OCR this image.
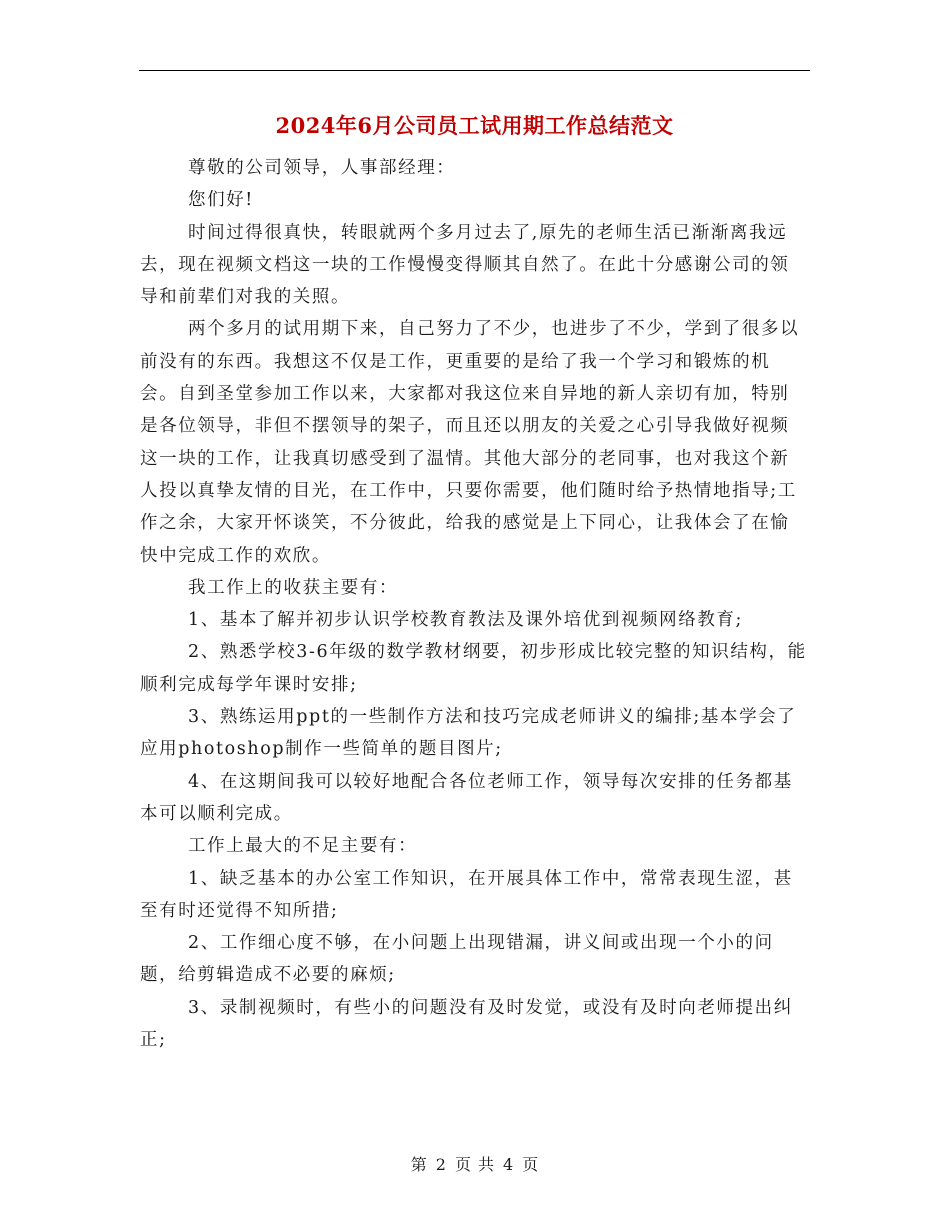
2024年6月公司员工试用期工作总结范文

尊敬的公司领导，人事部经理：

您们好!

时间过得很真快，转眼就两个多月过去了,原先的老师生活已渐渐离我远去，现在视频文档这一块的工作慢慢变得顺其自然了。在此十分感谢公司的领导和前辈们对我的关照。

两个多月的试用期下来，自己努力了不少，也进步了不少，学到了很多以前没有的东西。我想这不仅是工作，更重要的是给了我一个学习和锻炼的机会。自到圣堂参加工作以来，大家都对我这位来自异地的新人亲切有加，特别是各位领导，非但不摆领导的架子，而且还以朋友的关爱之心引导我做好视频这一块的工作，让我真切感受到了温情。其他大部分的老同事，也对我这个新人投以真挚友情的目光，在工作中，只要你需要，他们随时给予热情地指导;工作之余，大家开怀谈笑，不分彼此，给我的感觉是上下同心，让我体会了在愉快中完成工作的欢欣。

我工作上的收获主要有：

1、基本了解并初步认识学校教育教法及课外培优到视频网络教育;

2、熟悉学校3-6年级的数学教材纲要，初步形成比较完整的知识结构，能顺利完成每学年课时安排;

3、熟练运用ppt的一些制作方法和技巧完成老师讲义的编排;基本学会了应用photoshop制作一些简单的题目图片;

4、在这期间我可以较好地配合各位老师工作，领导每次安排的任务都基本可以顺利完成。

工作上最大的不足主要有：

1、缺乏基本的办公室工作知识，在开展具体工作中，常常表现生涩，甚至有时还觉得不知所措;

2、工作细心度不够，在小问题上出现错漏，讲义间或出现一个小的问题，给剪辑造成不必要的麻烦;

3、录制视频时，有些小的问题没有及时发觉，或没有及时向老师提出纠正;

第 2 页 共 4 页
